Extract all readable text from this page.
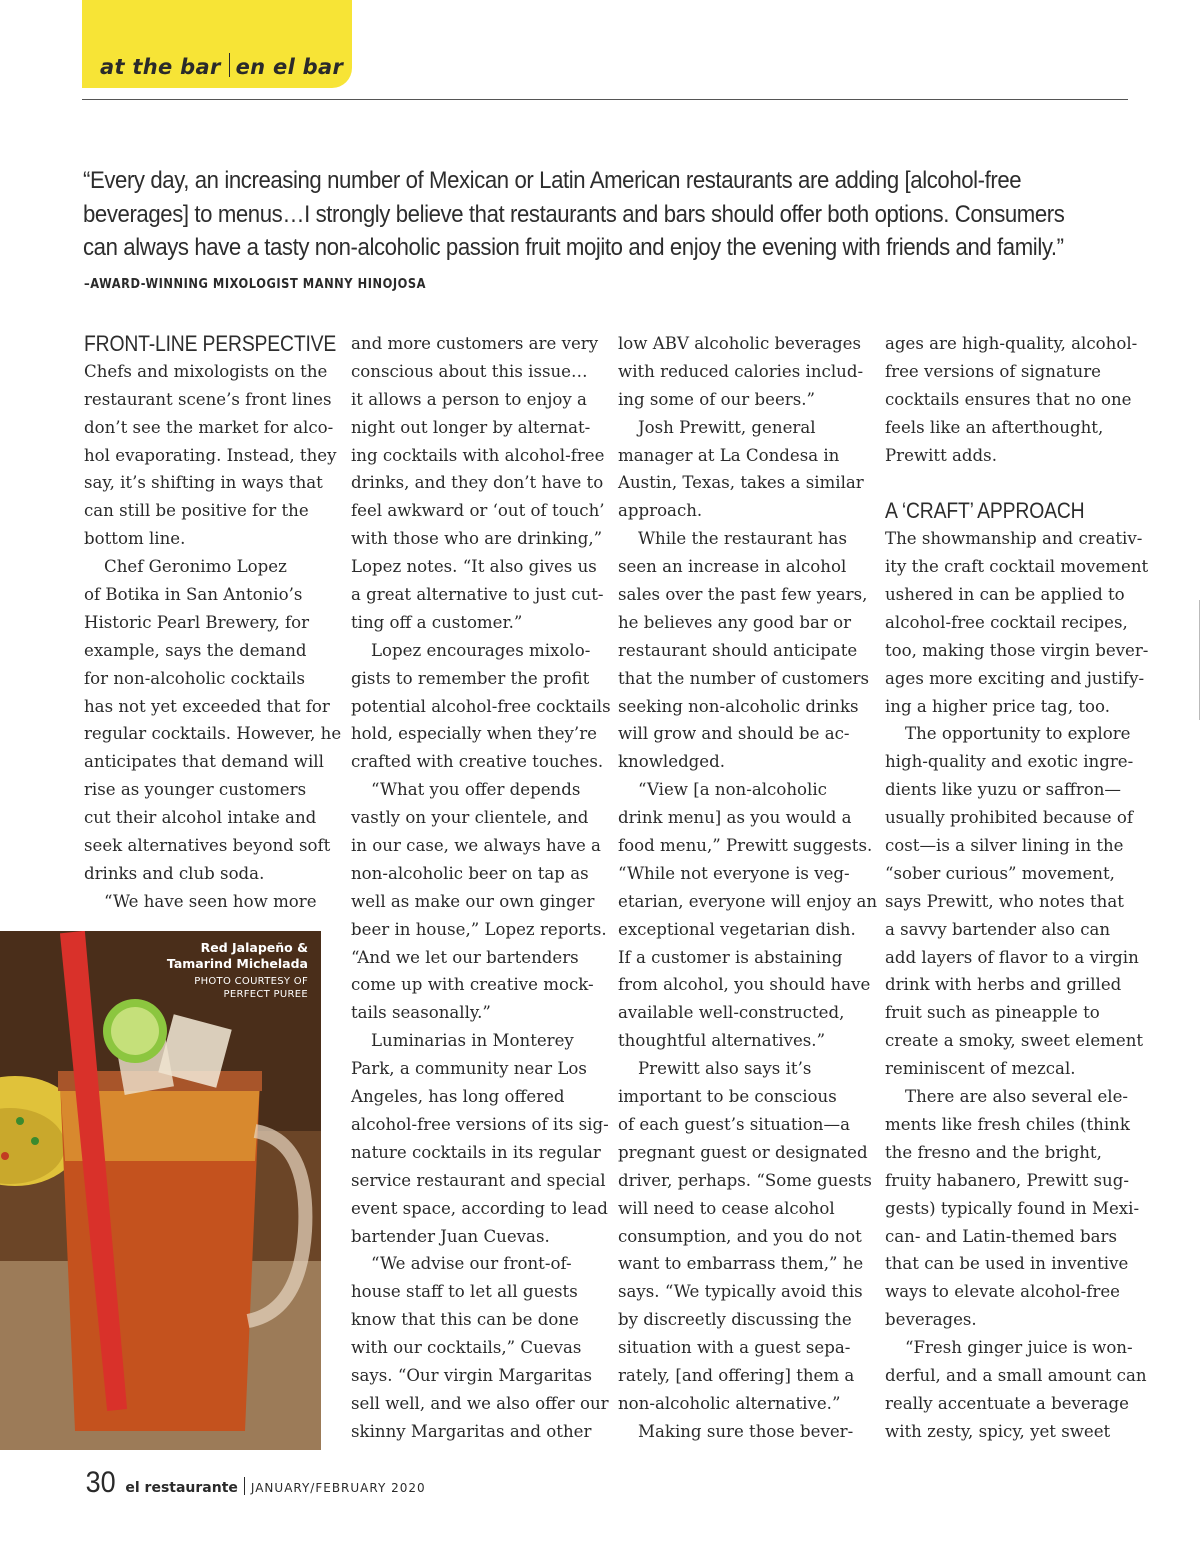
at the bar en el bar
“Every day, an increasing number of Mexican or Latin American restaurants are adding [alcohol-free
beverages] to menus…I strongly believe that restaurants and bars should offer both options. Consumers
can always have a tasty non-alcoholic passion fruit mojito and enjoy the evening with friends and family.”
–AWARD-WINNING MIXOLOGIST MANNY HINOJOSA
FRONT-LINE PERSPECTIVE
Chefs and mixologists on the
restaurant scene’s front lines
don’t see the market for alco-
hol evaporating. Instead, they
say, it’s shifting in ways that
can still be positive for the
bottom line.
Chef Geronimo Lopez
of Botika in San Antonio’s
Historic Pearl Brewery, for
example, says the demand
for non-alcoholic cocktails
has not yet exceeded that for
regular cocktails. However, he
anticipates that demand will
rise as younger customers
cut their alcohol intake and
seek alternatives beyond soft
drinks and club soda.
“We have seen how more
and more customers are very
conscious about this issue…
it allows a person to enjoy a
night out longer by alternat-
ing cocktails with alcohol-free
drinks, and they don’t have to
feel awkward or ‘out of touch’
with those who are drinking,”
Lopez notes. “It also gives us
a great alternative to just cut-
ting off a customer.”
Lopez encourages mixolo-
gists to remember the profit
potential alcohol-free cocktails
hold, especially when they’re
crafted with creative touches.
“What you offer depends
vastly on your clientele, and
in our case, we always have a
non-alcoholic beer on tap as
well as make our own ginger
beer in house,” Lopez reports.
“And we let our bartenders
come up with creative mock-
tails seasonally.”
Luminarias in Monterey
Park, a community near Los
Angeles, has long offered
alcohol-free versions of its sig-
nature cocktails in its regular
service restaurant and special
event space, according to lead
bartender Juan Cuevas.
“We advise our front-of-
house staff to let all guests
know that this can be done
with our cocktails,” Cuevas
says. “Our virgin Margaritas
sell well, and we also offer our
skinny Margaritas and other
low ABV alcoholic beverages
with reduced calories includ-
ing some of our beers.”
Josh Prewitt, general
manager at La Condesa in
Austin, Texas, takes a similar
approach.
While the restaurant has
seen an increase in alcohol
sales over the past few years,
he believes any good bar or
restaurant should anticipate
that the number of customers
seeking non-alcoholic drinks
will grow and should be ac-
knowledged.
“View [a non-alcoholic
drink menu] as you would a
food menu,” Prewitt suggests.
“While not everyone is veg-
etarian, everyone will enjoy an
exceptional vegetarian dish.
If a customer is abstaining
from alcohol, you should have
available well-constructed,
thoughtful alternatives.”
Prewitt also says it’s
important to be conscious
of each guest’s situation—a
pregnant guest or designated
driver, perhaps. “Some guests
will need to cease alcohol
consumption, and you do not
want to embarrass them,” he
says. “We typically avoid this
by discreetly discussing the
situation with a guest sepa-
rately, [and offering] them a
non-alcoholic alternative.”
Making sure those bever-
ages are high-quality, alcohol-
free versions of signature
cocktails ensures that no one
feels like an afterthought,
Prewitt adds.
A ‘CRAFT’ APPROACH
The showmanship and creativ-
ity the craft cocktail movement
ushered in can be applied to
alcohol-free cocktail recipes,
too, making those virgin bever-
ages more exciting and justify-
ing a higher price tag, too.
The opportunity to explore
high-quality and exotic ingre-
dients like yuzu or saffron—
usually prohibited because of
cost—is a silver lining in the
“sober curious” movement,
says Prewitt, who notes that
a savvy bartender also can
add layers of flavor to a virgin
drink with herbs and grilled
fruit such as pineapple to
create a smoky, sweet element
reminiscent of mezcal.
There are also several ele-
ments like fresh chiles (think
the fresno and the bright,
fruity habanero, Prewitt sug-
gests) typically found in Mexi-
can- and Latin-themed bars
that can be used in inventive
ways to elevate alcohol-free
beverages.
“Fresh ginger juice is won-
derful, and a small amount can
really accentuate a beverage
with zesty, spicy, yet sweet
Red Jalapeño &
Tamarind Michelada
PHOTO COURTESY OF
PERFECT PUREE
30 el restaurante JANUARY/FEBRUARY 2020
